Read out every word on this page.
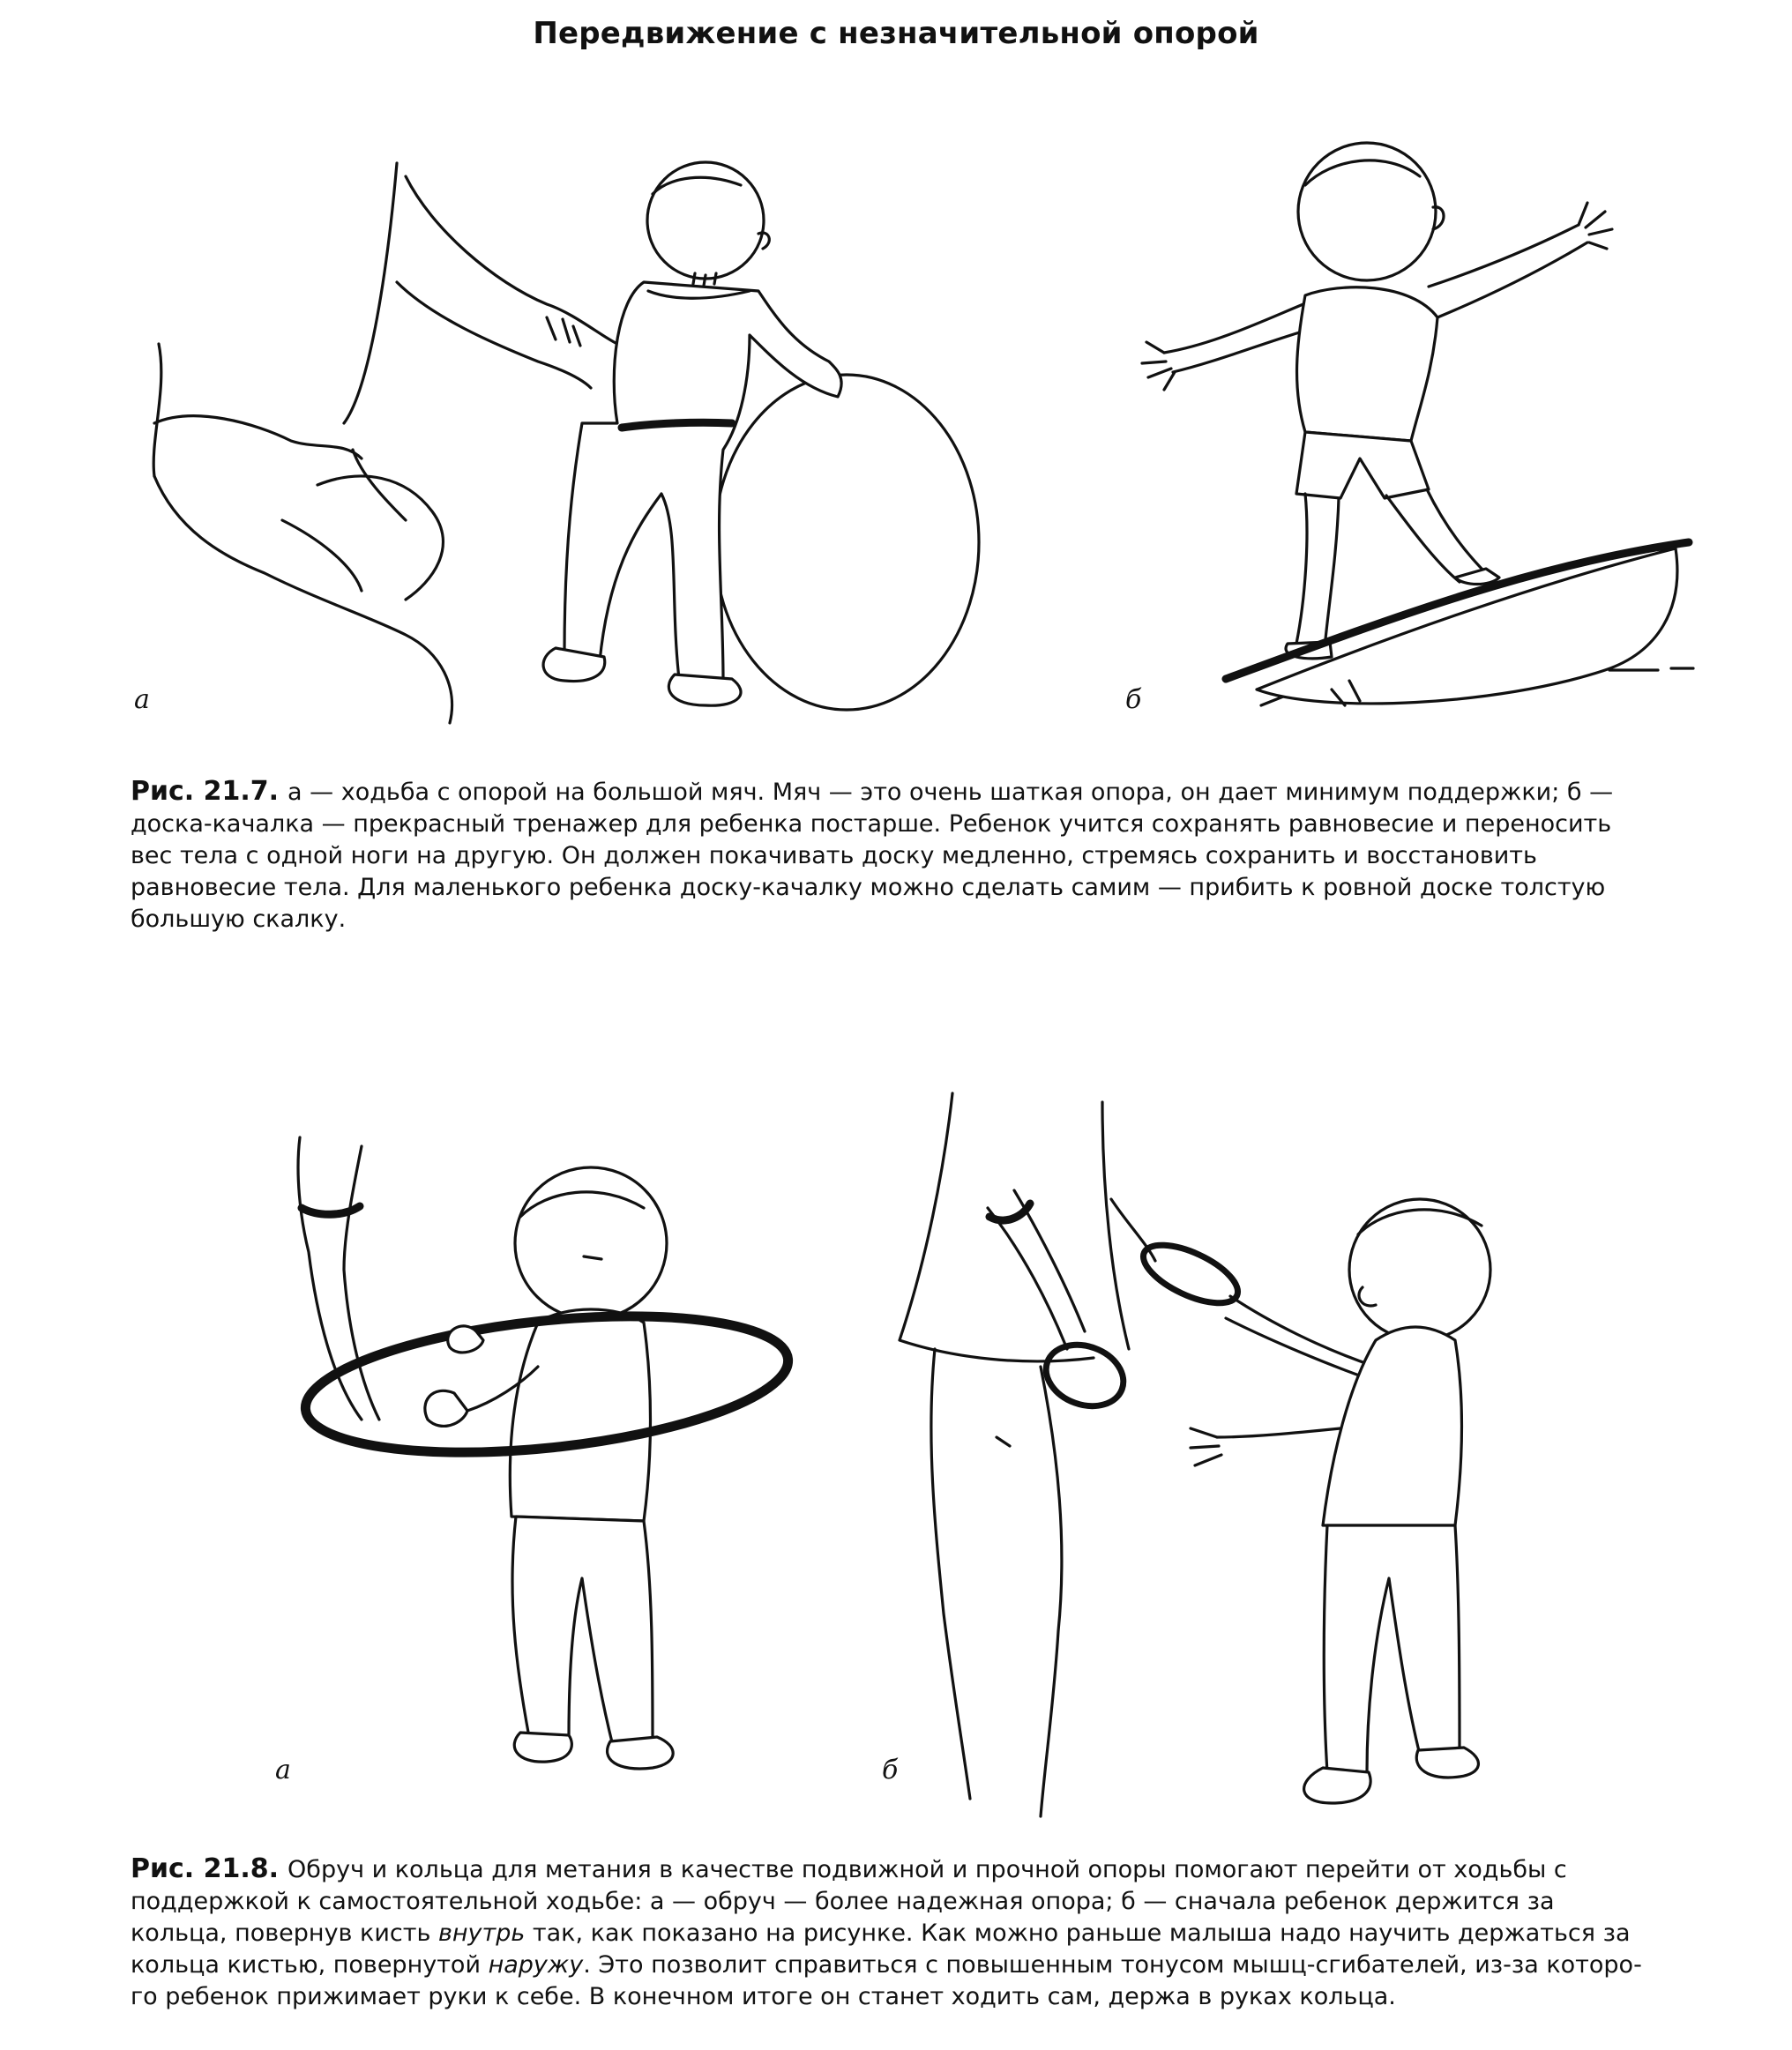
Передвижение с незначительной опорой
а	б

Рис. 21.7. а — ходьба с опорой на большой мяч. Мяч — это очень шаткая опора, он дает минимум поддержки; б —

доска-качалка — прекрасный тренажер для ребенка постарше. Ребенок учится сохранять равновесие и переносить

вес тела с одной ноги на другую. Он должен покачивать доску медленно, стремясь сохранить и восстановить

равновесие тела. Для маленького ребенка доску-качалку можно сделать самим — прибить к ровной доске толстую

большую скалку.

а	б

Рис. 21.8. Обруч и кольца для метания в качестве подвижной и прочной опоры помогают перейти от ходьбы с

поддержкой к самостоятельной ходьбе: а — обруч — более надежная опора; б — сначала ребенок держится за

кольца, повернув кисть внутрь так, как показано на рисунке. Как можно раньше малыша надо научить держаться за

кольца кистью, повернутой наружу. Это позволит справиться с повышенным тонусом мышц-сгибателей, из-за которо-

го ребенок прижимает руки к себе. В конечном итоге он станет ходить сам, держа в руках кольца.
